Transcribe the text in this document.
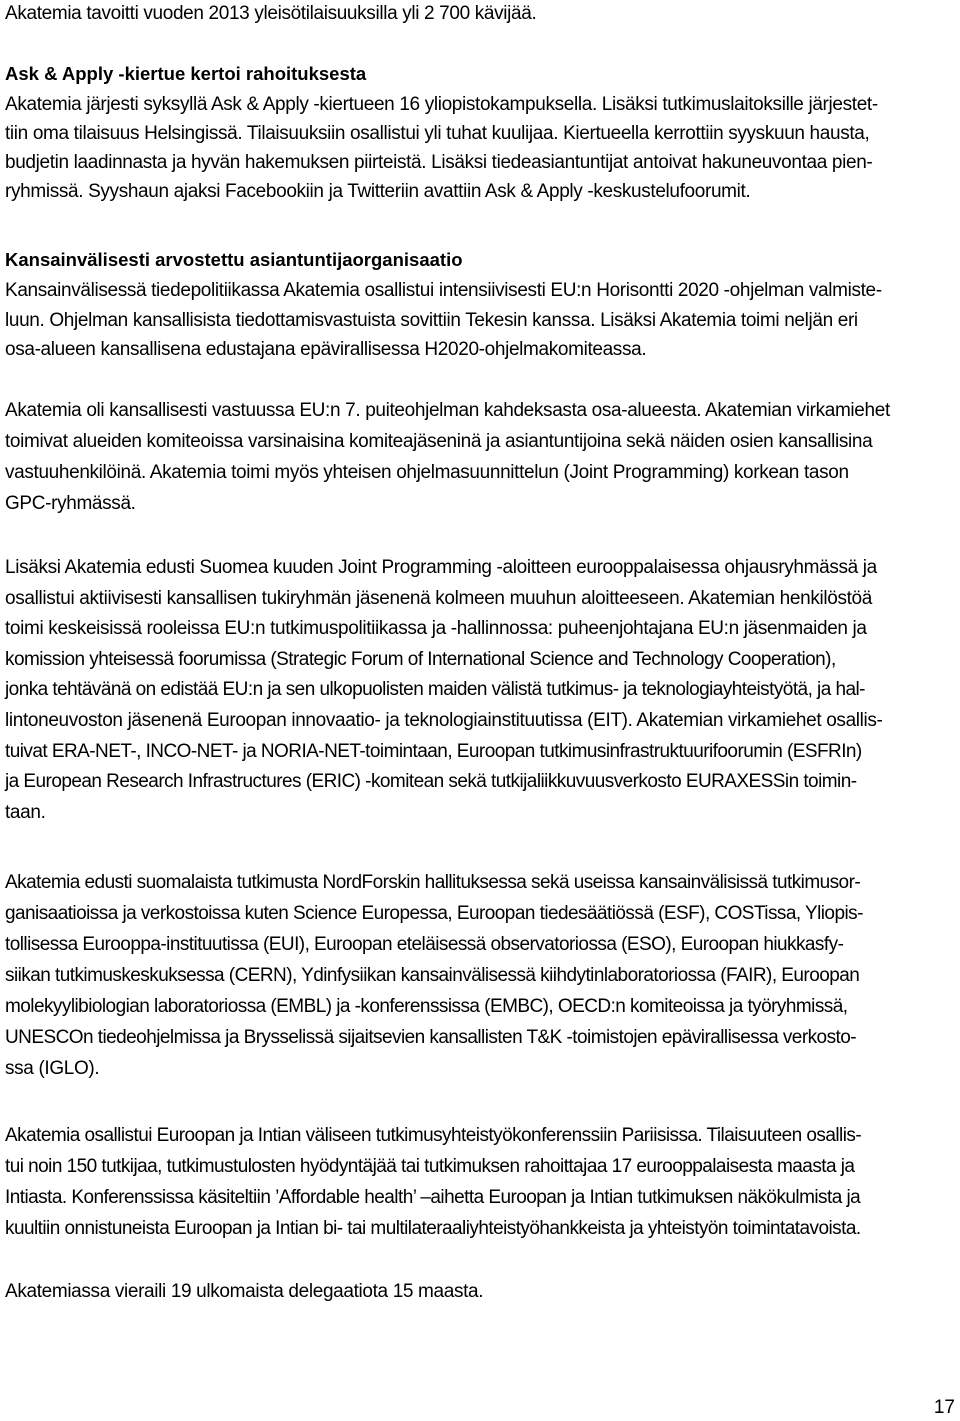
Akatemia tavoitti vuoden 2013 yleisötilaisuuksilla yli 2 700 kävijää.

Ask & Apply -kiertue kertoi rahoituksesta

Akatemia järjesti syksyllä Ask & Apply -kiertueen 16 yliopistokampuksella. Lisäksi tutkimuslaitoksille järjestet-
tiin oma tilaisuus Helsingissä. Tilaisuuksiin osallistui yli tuhat kuulijaa. Kiertueella kerrottiin syyskuun hausta,
budjetin laadinnasta ja hyvän hakemuksen piirteistä. Lisäksi tiedeasiantuntijat antoivat hakuneuvontaa pien-
ryhmissä. Syyshaun ajaksi Facebookiin ja Twitteriin avattiin Ask & Apply -keskustelufoorumit.

Kansainvälisesti arvostettu asiantuntijaorganisaatio

Kansainvälisessä tiedepolitiikassa Akatemia osallistui intensiivisesti EU:n Horisontti 2020 -ohjelman valmiste-
luun. Ohjelman kansallisista tiedottamisvastuista sovittiin Tekesin kanssa. Lisäksi Akatemia toimi neljän eri
osa-alueen kansallisena edustajana epävirallisessa H2020-ohjelmakomiteassa.

Akatemia oli kansallisesti vastuussa EU:n 7. puiteohjelman kahdeksasta osa-alueesta. Akatemian virkamiehet
toimivat alueiden komiteoissa varsinaisina komiteajäseninä ja asiantuntijoina sekä näiden osien kansallisina
vastuuhenkilöinä. Akatemia toimi myös yhteisen ohjelmasuunnittelun (Joint Programming) korkean tason
GPC-ryhmässä.

Lisäksi Akatemia edusti Suomea kuuden Joint Programming -aloitteen eurooppalaisessa ohjausryhmässä ja
osallistui aktiivisesti kansallisen tukiryhmän jäsenenä kolmeen muuhun aloitteeseen. Akatemian henkilöstöä
toimi keskeisissä rooleissa EU:n tutkimuspolitiikassa ja -hallinnossa: puheenjohtajana EU:n jäsenmaiden ja
komission yhteisessä foorumissa (Strategic Forum of International Science and Technology Cooperation),
jonka tehtävänä on edistää EU:n ja sen ulkopuolisten maiden välistä tutkimus- ja teknologiayhteistyötä, ja hal-
lintoneuvoston jäsenenä Euroopan innovaatio- ja teknologiainstituutissa (EIT). Akatemian virkamiehet osallis-
tuivat ERA-NET-, INCO-NET- ja NORIA-NET-toimintaan, Euroopan tutkimusinfrastruktuurifoorumin (ESFRIn)
ja European Research Infrastructures (ERIC) -komitean sekä tutkijaliikkuvuusverkosto EURAXESSin toimin-
taan.

Akatemia edusti suomalaista tutkimusta NordForskin hallituksessa sekä useissa kansainvälisissä tutkimusor-
ganisaatioissa ja verkostoissa kuten Science Europessa, Euroopan tiedesäätiössä (ESF), COSTissa, Yliopis-
tollisessa Eurooppa-instituutissa (EUI), Euroopan eteläisessä observatoriossa (ESO), Euroopan hiukkasfy-
siikan tutkimuskeskuksessa (CERN), Ydinfysiikan kansainvälisessä kiihdytinlaboratoriossa (FAIR), Euroopan
molekyylibiologian laboratoriossa (EMBL) ja -konferenssissa (EMBC), OECD:n komiteoissa ja työryhmissä,
UNESCOn tiedeohjelmissa ja Brysselissä sijaitsevien kansallisten T&K -toimistojen epävirallisessa verkosto-
ssa (IGLO).

Akatemia osallistui Euroopan ja Intian väliseen tutkimusyhteistyökonferenssiin Pariisissa. Tilaisuuteen osallis-
tui noin 150 tutkijaa, tutkimustulosten hyödyntäjää tai tutkimuksen rahoittajaa 17 eurooppalaisesta maasta ja
Intiasta. Konferenssissa käsiteltiin ’Affordable health’ –aihetta Euroopan ja Intian tutkimuksen näkökulmista ja
kuultiin onnistuneista Euroopan ja Intian bi- tai multilateraaliyhteistyöhankkeista ja yhteistyön toimintatavoista.

Akatemiassa vieraili 19 ulkomaista delegaatiota 15 maasta.

17
